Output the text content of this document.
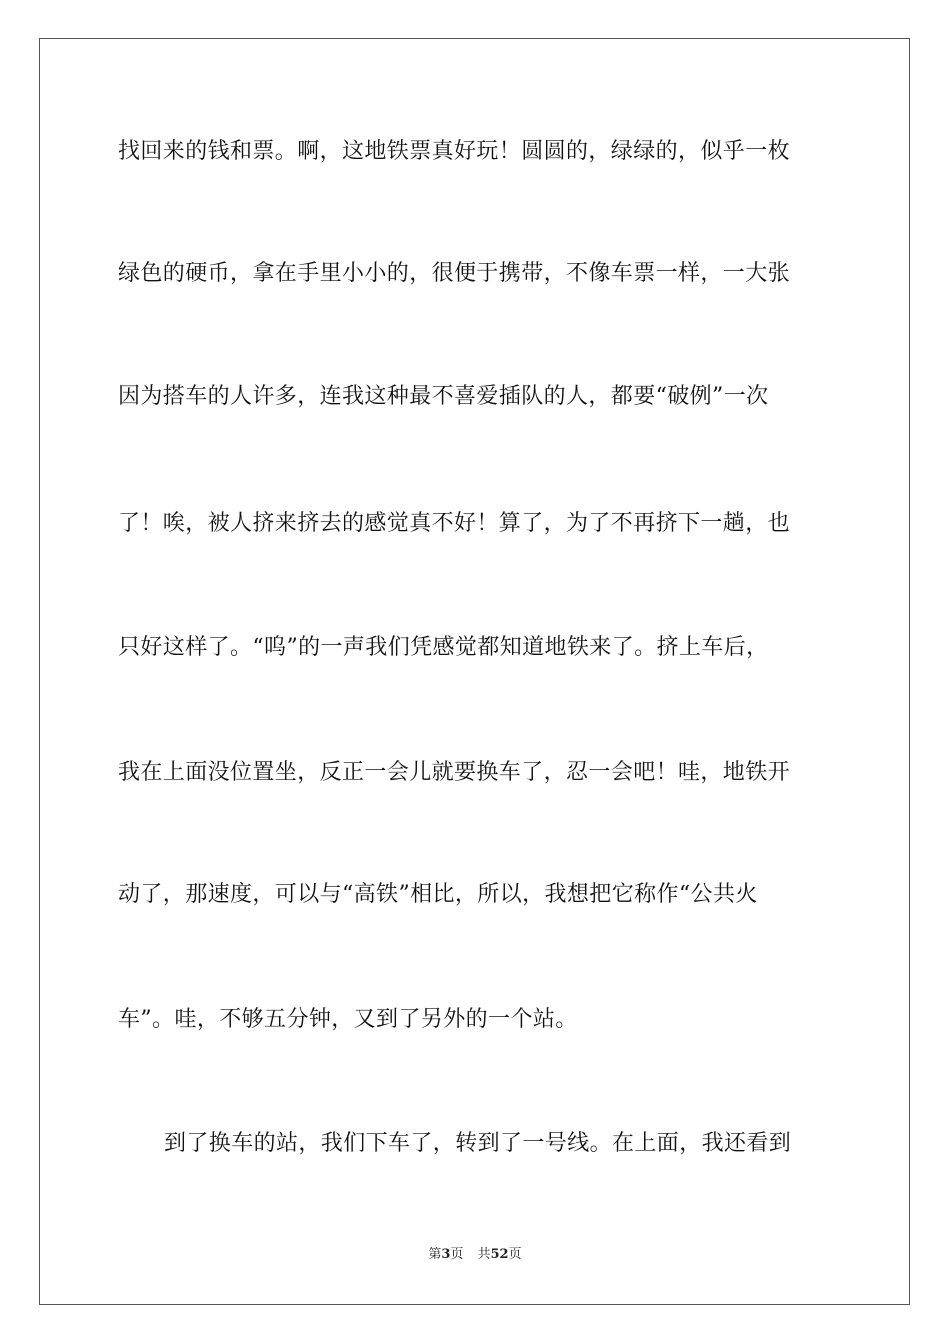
找回来的钱和票。啊，这地铁票真好玩！圆圆的，绿绿的，似乎一枚
绿色的硬币，拿在手里小小的，很便于携带，不像车票一样，一大张
因为搭车的人许多，连我这种最不喜爱插队的人，都要“破例”一次
了！唉，被人挤来挤去的感觉真不好！算了，为了不再挤下一趟，也
只好这样了。“呜”的一声我们凭感觉都知道地铁来了。挤上车后，
我在上面没位置坐，反正一会儿就要换车了，忍一会吧！哇，地铁开
动了，那速度，可以与“高铁”相比，所以，我想把它称作“公共火
车”。哇，不够五分钟，又到了另外的一个站。
到了换车的站，我们下车了，转到了一号线。在上面，我还看到
第3页 共52页
